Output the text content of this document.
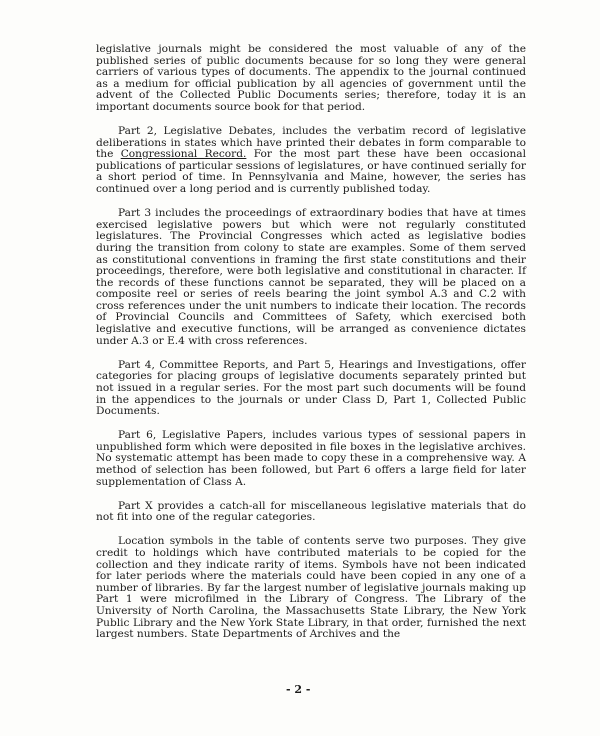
legislative journals might be considered the most valuable of any of the published series of public documents because for so long they were general carriers of various types of documents. The appendix to the journal continued as a medium for official publication by all agencies of government until the advent of the Collected Public Documents series; therefore, today it is an important documents source book for that period.

Part 2, Legislative Debates, includes the verbatim record of legislative deliberations in states which have printed their debates in form comparable to the Congressional Record. For the most part these have been occasional publications of particular sessions of legislatures, or have continued serially for a short period of time. In Pennsylvania and Maine, however, the series has continued over a long period and is currently published today.

Part 3 includes the proceedings of extraordinary bodies that have at times exercised legislative powers but which were not regularly constituted legislatures. The Provincial Congresses which acted as legislative bodies during the transition from colony to state are examples. Some of them served as constitutional conventions in framing the first state constitutions and their proceedings, therefore, were both legislative and constitutional in character. If the records of these functions cannot be separated, they will be placed on a composite reel or series of reels bearing the joint symbol A.3 and C.2 with cross references under the unit numbers to indicate their location. The records of Provincial Councils and Committees of Safety, which exercised both legislative and executive functions, will be arranged as convenience dictates under A.3 or E.4 with cross references.

Part 4, Committee Reports, and Part 5, Hearings and Investigations, offer categories for placing groups of legislative documents separately printed but not issued in a regular series. For the most part such documents will be found in the appendices to the journals or under Class D, Part 1, Collected Public Documents.

Part 6, Legislative Papers, includes various types of sessional papers in unpublished form which were deposited in file boxes in the legislative archives. No systematic attempt has been made to copy these in a comprehensive way. A method of selection has been followed, but Part 6 offers a large field for later supplementation of Class A.

Part X provides a catch-all for miscellaneous legislative materials that do not fit into one of the regular categories.

Location symbols in the table of contents serve two purposes. They give credit to holdings which have contributed materials to be copied for the collection and they indicate rarity of items. Symbols have not been indicated for later periods where the materials could have been copied in any one of a number of libraries. By far the largest number of legislative journals making up Part 1 were microfilmed in the Library of Congress. The Library of the University of North Carolina, the Massachusetts State Library, the New York Public Library and the New York State Library, in that order, furnished the next largest numbers. State Departments of Archives and the

- 2 -
